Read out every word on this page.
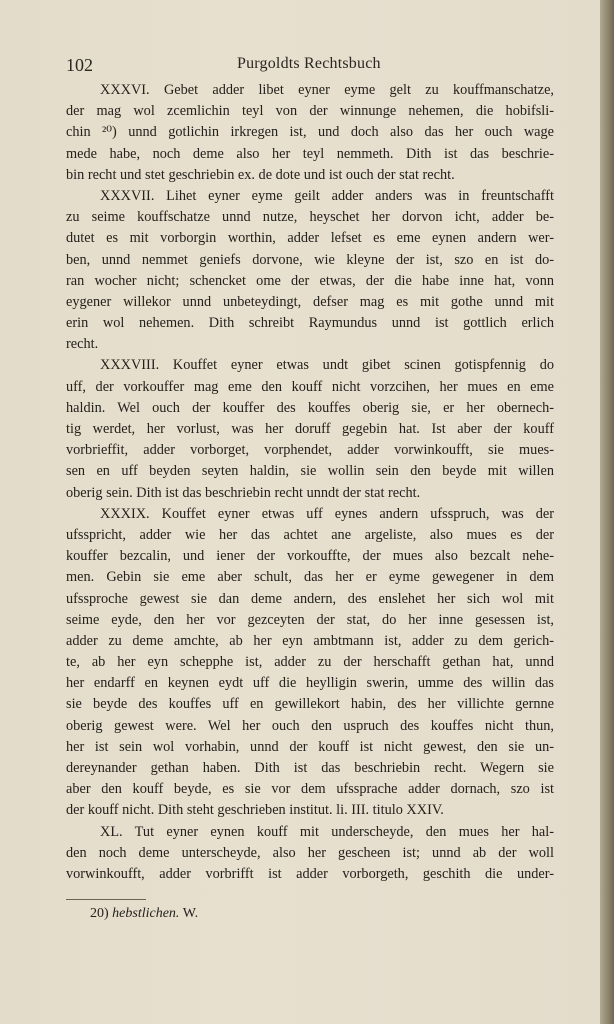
102	Purgoldts Rechtsbuch
XXXVI. Gebet adder libet eyner eyme gelt zu kouffmanschatze,
der mag wol zcemlichin teyl von der winnunge nehemen, die hobifsli-
chin ²⁰) unnd gotlichin irkregen ist, und doch also das her ouch wage
mede habe, noch deme also her teyl nemmeth. Dith ist das beschrie-
bin recht und stet geschriebin ex. de dote und ist ouch der stat recht.
XXXVII. Lihet eyner eyme geilt adder anders was in freuntschafft
zu seime kouffschatze unnd nutze, heyschet her dorvon icht, adder be-
dutet es mit vorborgin worthin, adder lefset es eme eynen andern wer-
ben, unnd nemmet geniefs dorvone, wie kleyne der ist, szo en ist do-
ran wocher nicht; schencket ome der etwas, der die habe inne hat, vonn
eygener willekor unnd unbeteydingt, defser mag es mit gothe unnd mit
erin wol nehemen. Dith schreibt Raymundus unnd ist gottlich erlich
recht.
XXXVIII. Kouffet eyner etwas undt gibet scinen gotispfennig do
uff, der vorkouffer mag eme den kouff nicht vorzcihen, her mues en eme
haldin. Wel ouch der kouffer des kouffes oberig sie, er her obernech-
tig werdet, her vorlust, was her doruff gegebin hat. Ist aber der kouff
vorbrieffit, adder vorborget, vorphendet, adder vorwinkoufft, sie mues-
sen en uff beyden seyten haldin, sie wollin sein den beyde mit willen
oberig sein. Dith ist das beschriebin recht unndt der stat recht.
XXXIX. Kouffet eyner etwas uff eynes andern ufsspruch, was der
ufsspricht, adder wie her das achtet ane argeliste, also mues es der
kouffer bezcalin, und iener der vorkouffte, der mues also bezcalt nehe-
men. Gebin sie eme aber schult, das her er eyme gewegener in dem
ufssproche gewest sie dan deme andern, des enslehet her sich wol mit
seime eyde, den her vor gezceyten der stat, do her inne gesessen ist,
adder zu deme amchte, ab her eyn ambtmann ist, adder zu dem gerich-
te, ab her eyn schepphe ist, adder zu der herschafft gethan hat, unnd
her endarff en keynen eydt uff die heylligin swerin, umme des willin das
sie beyde des kouffes uff en gewillekort habin, des her villichte gernne
oberig gewest were. Wel her ouch den uspruch des kouffes nicht thun,
her ist sein wol vorhabin, unnd der kouff ist nicht gewest, den sie un-
dereynander gethan haben. Dith ist das beschriebin recht. Wegern sie
aber den kouff beyde, es sie vor dem ufssprache adder dornach, szo ist
der kouff nicht. Dith steht geschrieben institut. li. III. titulo XXIV.
XL. Tut eyner eynen kouff mit underscheyde, den mues her hal-
den noch deme unterscheyde, also her gescheen ist; unnd ab der woll
vorwinkoufft, adder vorbrifft ist adder vorborgeth, geschith die under-
20) hebstlichen. W.
